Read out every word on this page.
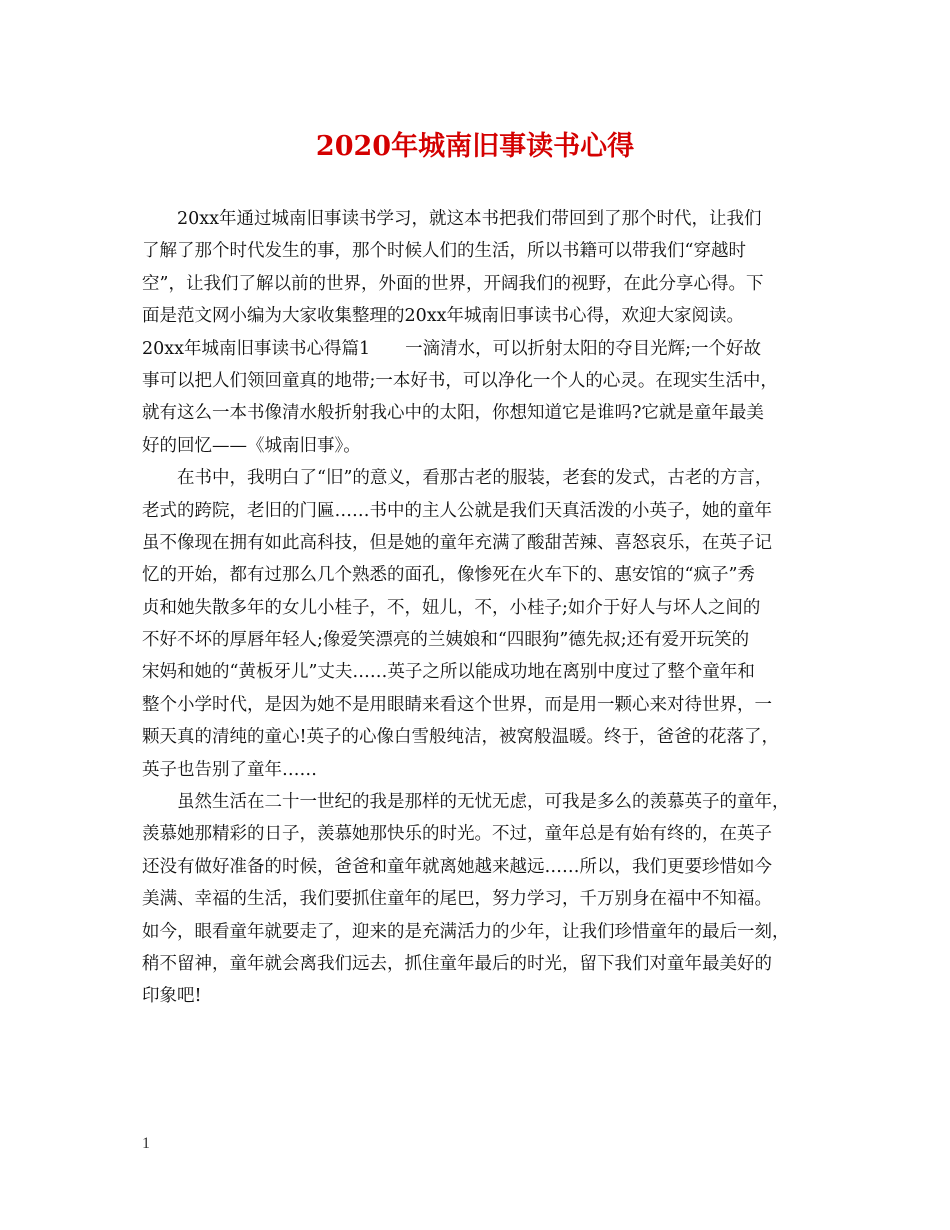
2020年城南旧事读书心得
20xx年通过城南旧事读书学习，就这本书把我们带回到了那个时代，让我们
了解了那个时代发生的事，那个时候人们的生活，所以书籍可以带我们“穿越时
空”，让我们了解以前的世界，外面的世界，开阔我们的视野，在此分享心得。下
面是范文网小编为大家收集整理的20xx年城南旧事读书心得，欢迎大家阅读。
20xx年城南旧事读书心得篇1　　一滴清水，可以折射太阳的夺目光辉;一个好故
事可以把人们领回童真的地带;一本好书，可以净化一个人的心灵。在现实生活中，
就有这么一本书像清水般折射我心中的太阳，你想知道它是谁吗?它就是童年最美
好的回忆——《城南旧事》。
在书中，我明白了“旧”的意义，看那古老的服装，老套的发式，古老的方言，
老式的跨院，老旧的门匾……书中的主人公就是我们天真活泼的小英子，她的童年
虽不像现在拥有如此高科技，但是她的童年充满了酸甜苦辣、喜怒哀乐，在英子记
忆的开始，都有过那么几个熟悉的面孔，像惨死在火车下的、惠安馆的“疯子”秀
贞和她失散多年的女儿小桂子，不，妞儿，不，小桂子;如介于好人与坏人之间的
不好不坏的厚唇年轻人;像爱笑漂亮的兰姨娘和“四眼狗”德先叔;还有爱开玩笑的
宋妈和她的“黄板牙儿”丈夫……英子之所以能成功地在离别中度过了整个童年和
整个小学时代，是因为她不是用眼睛来看这个世界，而是用一颗心来对待世界，一
颗天真的清纯的童心!英子的心像白雪般纯洁，被窝般温暖。终于，爸爸的花落了，
英子也告别了童年……
虽然生活在二十一世纪的我是那样的无忧无虑，可我是多么的羡慕英子的童年，
羡慕她那精彩的日子，羡慕她那快乐的时光。不过，童年总是有始有终的，在英子
还没有做好准备的时候，爸爸和童年就离她越来越远……所以，我们更要珍惜如今
美满、幸福的生活，我们要抓住童年的尾巴，努力学习，千万别身在福中不知福。
如今，眼看童年就要走了，迎来的是充满活力的少年，让我们珍惜童年的最后一刻，
稍不留神，童年就会离我们远去，抓住童年最后的时光，留下我们对童年最美好的
印象吧!
1
